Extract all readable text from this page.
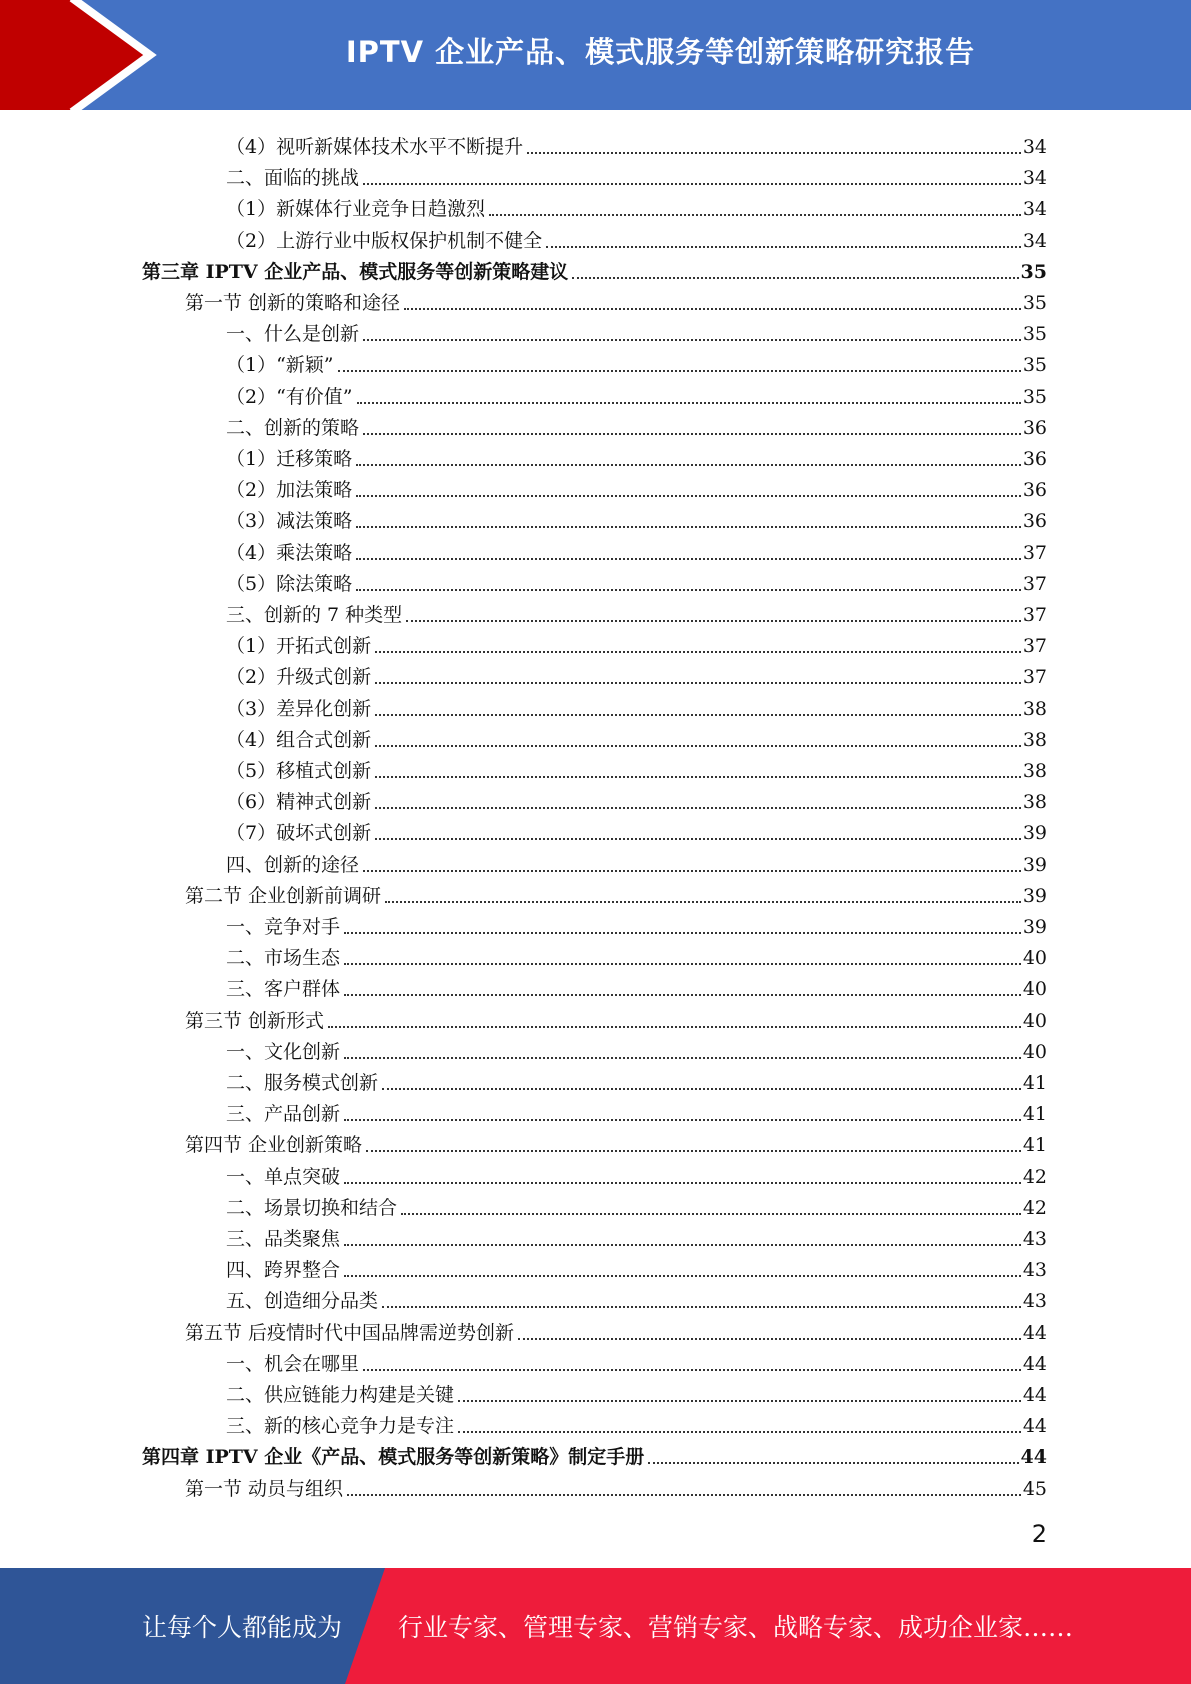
IPTV 企业产品、模式服务等创新策略研究报告
（4）视听新媒体技术水平不断提升	34
二、面临的挑战	34
（1）新媒体行业竞争日趋激烈	34
（2）上游行业中版权保护机制不健全	34
第三章 IPTV 企业产品、模式服务等创新策略建议	35
第一节 创新的策略和途径	35
一、什么是创新	35
（1）“新颖”	35
（2）“有价值”	35
二、创新的策略	36
（1）迁移策略	36
（2）加法策略	36
（3）减法策略	36
（4）乘法策略	37
（5）除法策略	37
三、创新的 7 种类型	37
（1）开拓式创新	37
（2）升级式创新	37
（3）差异化创新	38
（4）组合式创新	38
（5）移植式创新	38
（6）精神式创新	38
（7）破坏式创新	39
四、创新的途径	39
第二节 企业创新前调研	39
一、竞争对手	39
二、市场生态	40
三、客户群体	40
第三节 创新形式	40
一、文化创新	40
二、服务模式创新	41
三、产品创新	41
第四节 企业创新策略	41
一、单点突破	42
二、场景切换和结合	42
三、品类聚焦	43
四、跨界整合	43
五、创造细分品类	43
第五节 后疫情时代中国品牌需逆势创新	44
一、机会在哪里	44
二、供应链能力构建是关键	44
三、新的核心竞争力是专注	44
第四章 IPTV 企业《产品、模式服务等创新策略》制定手册	44
第一节 动员与组织	45
2
让每个人都能成为 行业专家、管理专家、营销专家、战略专家、成功企业家……
